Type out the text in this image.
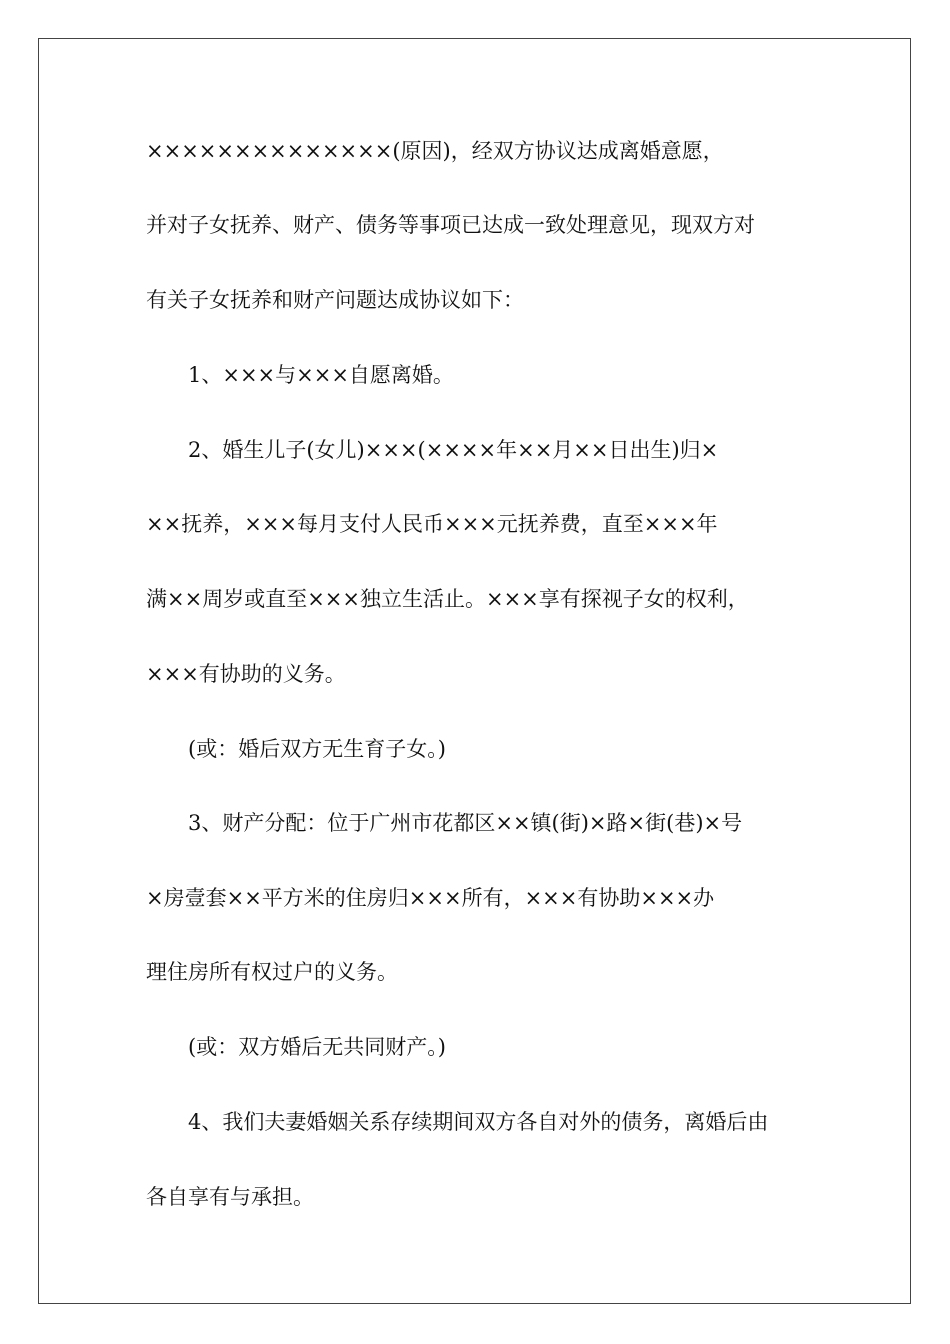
××××××××××××××(原因)，经双方协议达成离婚意愿，
并对子女抚养、财产、债务等事项已达成一致处理意见，现双方对
有关子女抚养和财产问题达成协议如下：
1、×××与×××自愿离婚。
2、婚生儿子(女儿)×××(××××年××月××日出生)归×
××抚养，×××每月支付人民币×××元抚养费，直至×××年
满××周岁或直至×××独立生活止。×××享有探视子女的权利，
×××有协助的义务。
(或：婚后双方无生育子女。)
3、财产分配：位于广州市花都区××镇(街)×路×街(巷)×号
×房壹套××平方米的住房归×××所有，×××有协助×××办
理住房所有权过户的义务。
(或：双方婚后无共同财产。)
4、我们夫妻婚姻关系存续期间双方各自对外的债务，离婚后由
各自享有与承担。
